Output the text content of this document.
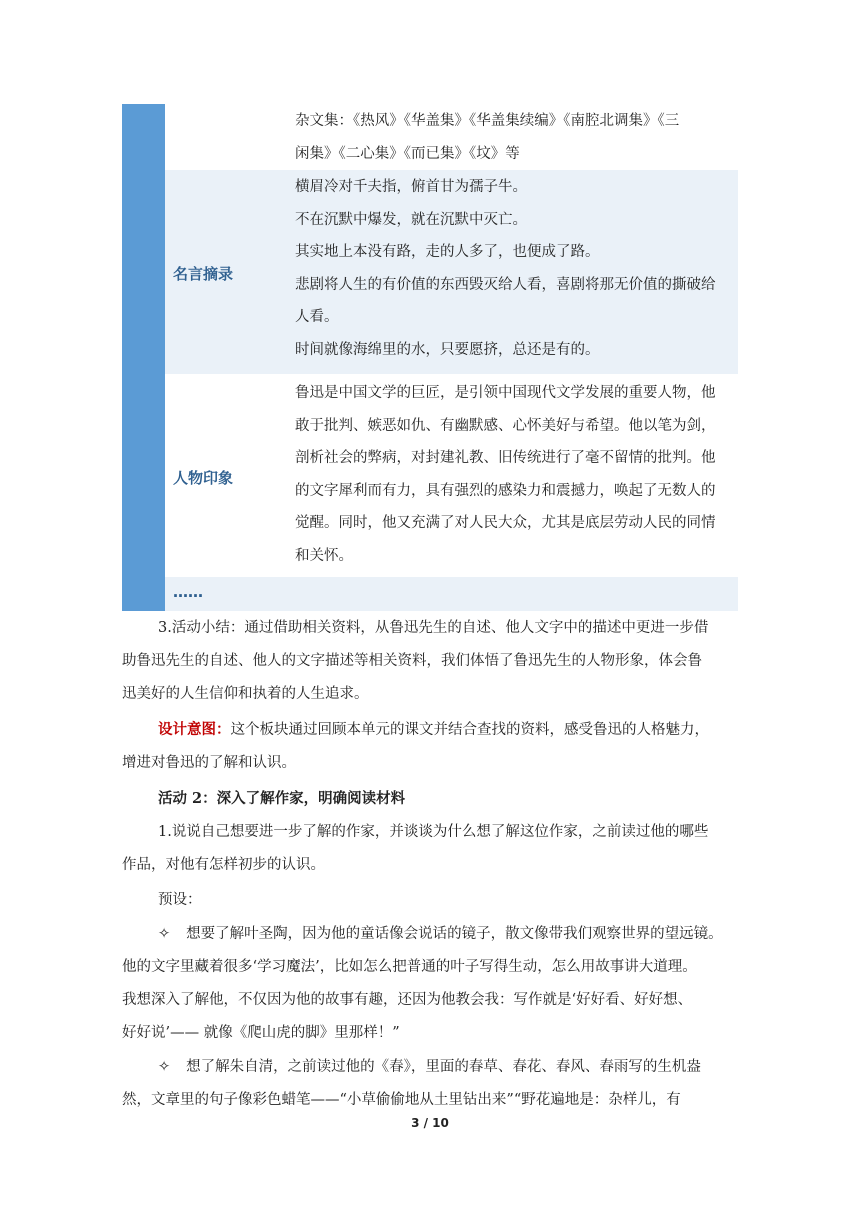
杂文集：《热风》《华盖集》《华盖集续编》《南腔北调集》《三
闲集》《二心集》《而已集》《坟》等
名言摘录
横眉冷对千夫指，俯首甘为孺子牛。
不在沉默中爆发，就在沉默中灭亡。
其实地上本没有路，走的人多了，也便成了路。
悲剧将人生的有价值的东西毁灭给人看，喜剧将那无价值的撕破给
人看。
时间就像海绵里的水，只要愿挤，总还是有的。
人物印象
鲁迅是中国文学的巨匠，是引领中国现代文学发展的重要人物，他
敢于批判、嫉恶如仇、有幽默感、心怀美好与希望。他以笔为剑，
剖析社会的弊病，对封建礼教、旧传统进行了毫不留情的批判。他
的文字犀利而有力，具有强烈的感染力和震撼力，唤起了无数人的
觉醒。同时，他又充满了对人民大众，尤其是底层劳动人民的同情
和关怀。
……
3.活动小结：通过借助相关资料，从鲁迅先生的自述、他人文字中的描述中更进一步借
助鲁迅先生的自述、他人的文字描述等相关资料，我们体悟了鲁迅先生的人物形象，体会鲁
迅美好的人生信仰和执着的人生追求。
设计意图：这个板块通过回顾本单元的课文并结合查找的资料，感受鲁迅的人格魅力，
增进对鲁迅的了解和认识。
活动 2：深入了解作家，明确阅读材料
1.说说自己想要进一步了解的作家，并谈谈为什么想了解这位作家，之前读过他的哪些
作品，对他有怎样初步的认识。
预设：
✧ 想要了解叶圣陶，因为他的童话像会说话的镜子，散文像带我们观察世界的望远镜。
他的文字里藏着很多‘学习魔法’，比如怎么把普通的叶子写得生动，怎么用故事讲大道理。
我想深入了解他，不仅因为他的故事有趣，还因为他教会我：写作就是‘好好看、好好想、
好好说’—— 就像《爬山虎的脚》里那样！”
✧ 想了解朱自清，之前读过他的《春》，里面的春草、春花、春风、春雨写的生机盎
然，文章里的句子像彩色蜡笔——“小草偷偷地从土里钻出来”“野花遍地是：杂样儿，有
3 / 10
